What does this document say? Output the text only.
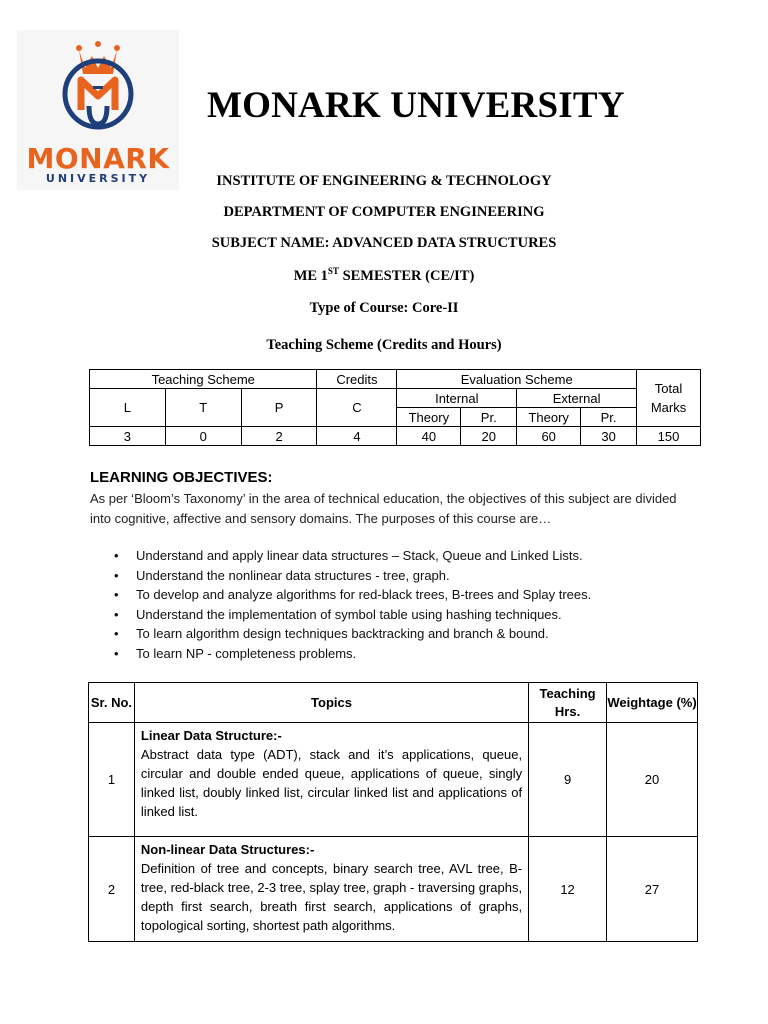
MONARK
UNIVERSITY
MONARK UNIVERSITY
INSTITUTE OF ENGINEERING & TECHNOLOGY
DEPARTMENT OF COMPUTER ENGINEERING
SUBJECT NAME: ADVANCED DATA STRUCTURES
ME 1ST SEMESTER (CE/IT)
Type of Course: Core-II
Teaching Scheme (Credits and Hours)
Teaching Scheme			Credits	Evaluation Scheme				Total Marks
L	T	P	C	Internal		External		
				Theory	Pr.	Theory	Pr.	
3	0	2	4	40	20	60	30	150
LEARNING OBJECTIVES:
As per ‘Bloom’s Taxonomy’ in the area of technical education, the objectives of this subject are divided into cognitive, affective and sensory domains. The purposes of this course are…
• Understand and apply linear data structures – Stack, Queue and Linked Lists.
• Understand the nonlinear data structures - tree, graph.
• To develop and analyze algorithms for red-black trees, B-trees and Splay trees.
• Understand the implementation of symbol table using hashing techniques.
• To learn algorithm design techniques backtracking and branch & bound.
• To learn NP - completeness problems.
Sr. No.	Topics	Teaching Hrs.	Weightage (%)
1	Linear Data Structure:-
Abstract data type (ADT), stack and it’s applications, queue, circular and double ended queue, applications of queue, singly linked list, doubly linked list, circular linked list and applications of linked list.	9	20
2	Non-linear Data Structures:-
Definition of tree and concepts, binary search tree, AVL tree, B-tree, red-black tree, 2-3 tree, splay tree, graph - traversing graphs, depth first search, breath first search, applications of graphs, topological sorting, shortest path algorithms.	12	27
